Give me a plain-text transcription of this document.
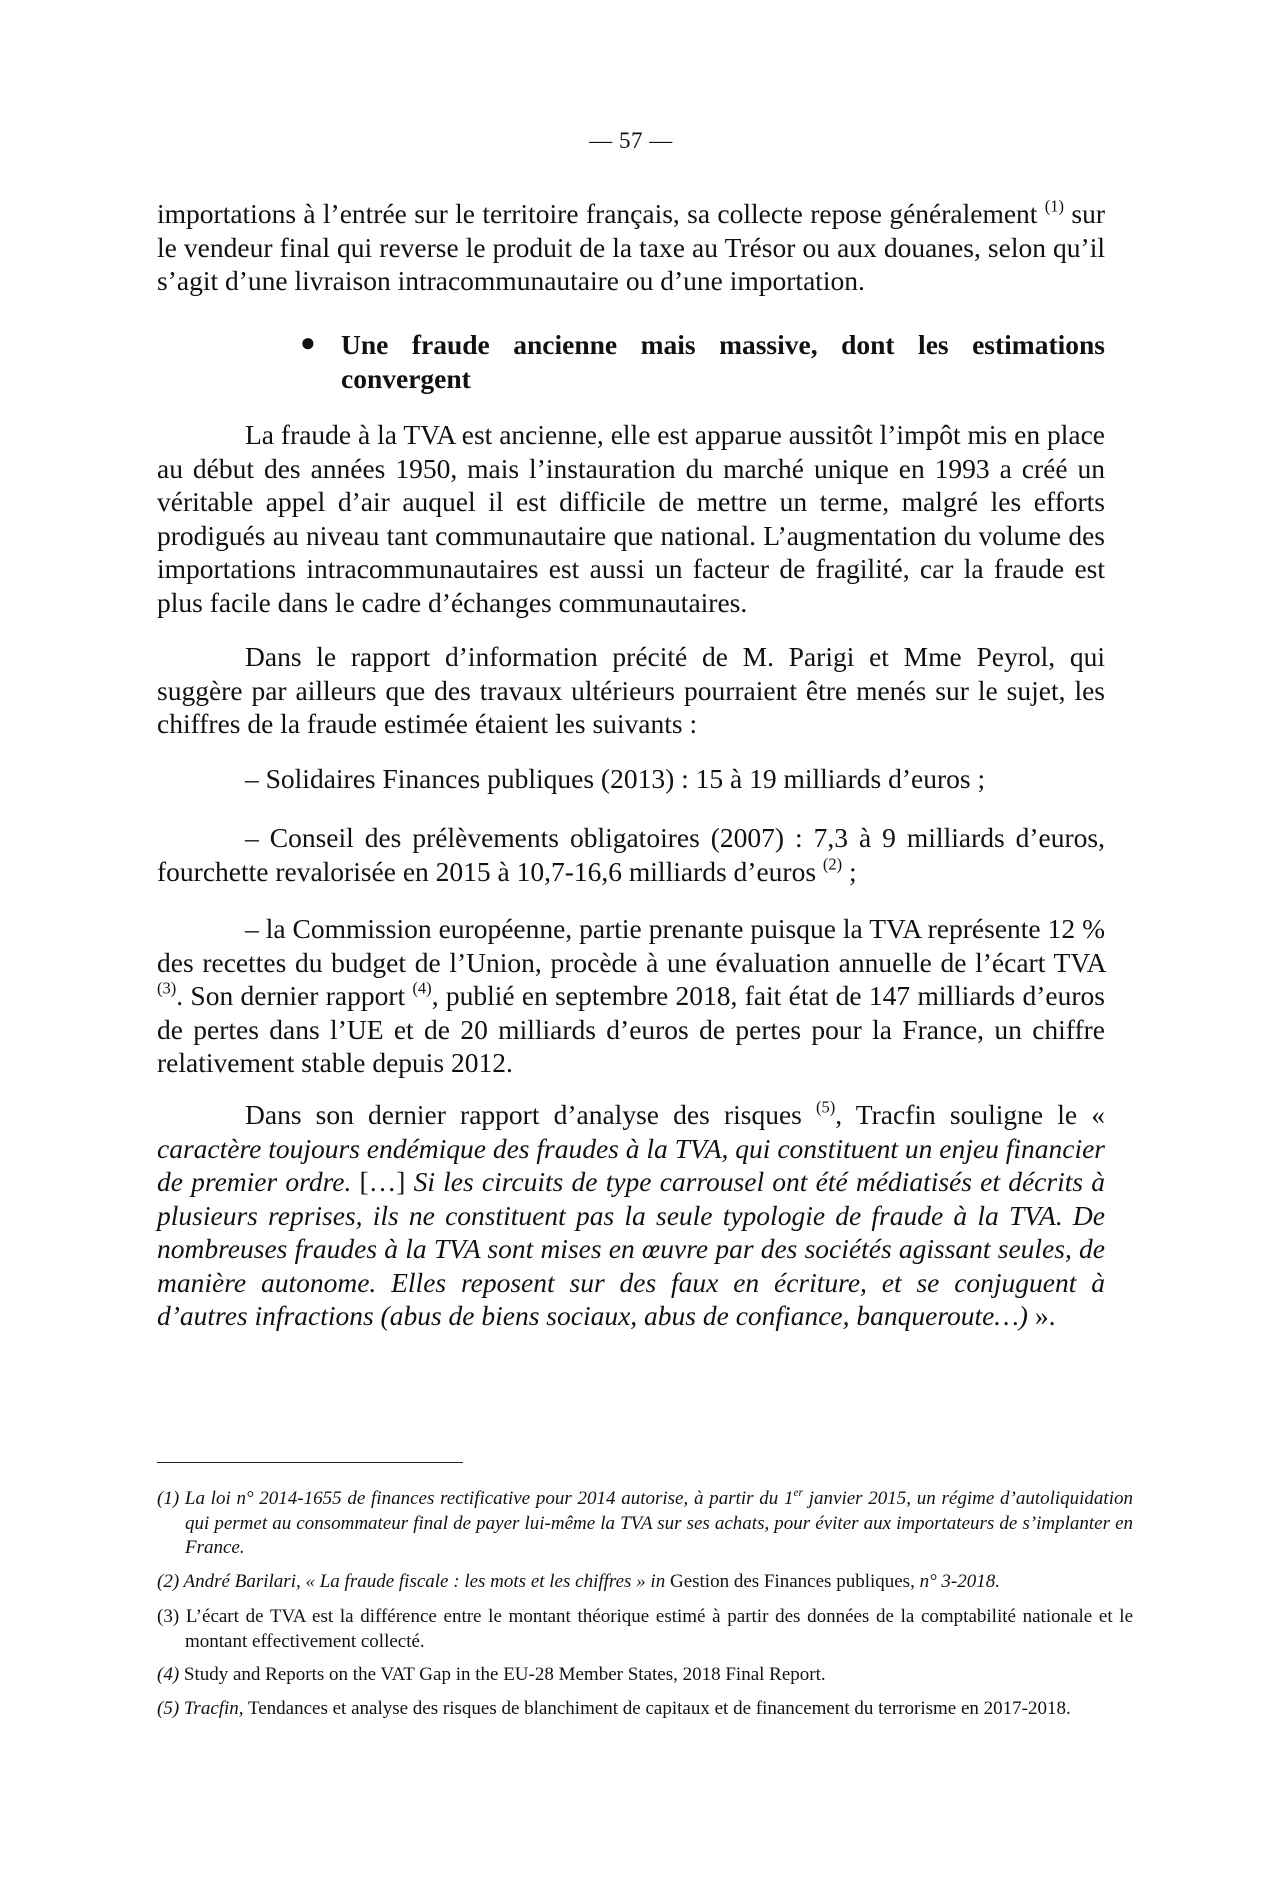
— 57 —

importations à l’entrée sur le territoire français, sa collecte repose généralement $^{(1)}$ sur le vendeur final qui reverse le produit de la taxe au Trésor ou aux douanes, selon qu’il s’agit d’une livraison intracommunautaire ou d’une importation.

● Une fraude ancienne mais massive, dont les estimations convergent

La fraude à la TVA est ancienne, elle est apparue aussitôt l’impôt mis en place au début des années 1950, mais l’instauration du marché unique en 1993 a créé un véritable appel d’air auquel il est difficile de mettre un terme, malgré les efforts prodigués au niveau tant communautaire que national. L’augmentation du volume des importations intracommunautaires est aussi un facteur de fragilité, car la fraude est plus facile dans le cadre d’échanges communautaires.

Dans le rapport d’information précité de M. Parigi et Mme Peyrol, qui suggère par ailleurs que des travaux ultérieurs pourraient être menés sur le sujet, les chiffres de la fraude estimée étaient les suivants :

– Solidaires Finances publiques (2013) : 15 à 19 milliards d’euros ;

– Conseil des prélèvements obligatoires (2007) : 7,3 à 9 milliards d’euros, fourchette revalorisée en 2015 à 10,7-16,6 milliards d’euros $^{(2)}$ ;

– la Commission européenne, partie prenante puisque la TVA représente 12 % des recettes du budget de l’Union, procède à une évaluation annuelle de l’écart TVA $^{(3)}$. Son dernier rapport $^{(4)}$, publié en septembre 2018, fait état de 147 milliards d’euros de pertes dans l’UE et de 20 milliards d’euros de pertes pour la France, un chiffre relativement stable depuis 2012.

Dans son dernier rapport d’analyse des risques $^{(5)}$, Tracfin souligne le « caractère toujours endémique des fraudes à la TVA, qui constituent un enjeu financier de premier ordre. […] Si les circuits de type carrousel ont été médiatisés et décrits à plusieurs reprises, ils ne constituent pas la seule typologie de fraude à la TVA. De nombreuses fraudes à la TVA sont mises en œuvre par des sociétés agissant seules, de manière autonome. Elles reposent sur des faux en écriture, et se conjuguent à d’autres infractions (abus de biens sociaux, abus de confiance, banqueroute…) ».

(1) La loi n° 2014-1655 de finances rectificative pour 2014 autorise, à partir du 1er janvier 2015, un régime d’autoliquidation qui permet au consommateur final de payer lui-même la TVA sur ses achats, pour éviter aux importateurs de s’implanter en France.

(2) André Barilari, « La fraude fiscale : les mots et les chiffres » in Gestion des Finances publiques, n° 3-2018.

(3) L’écart de TVA est la différence entre le montant théorique estimé à partir des données de la comptabilité nationale et le montant effectivement collecté.

(4) Study and Reports on the VAT Gap in the EU-28 Member States, 2018 Final Report.

(5) Tracfin, Tendances et analyse des risques de blanchiment de capitaux et de financement du terrorisme en 2017-2018.
